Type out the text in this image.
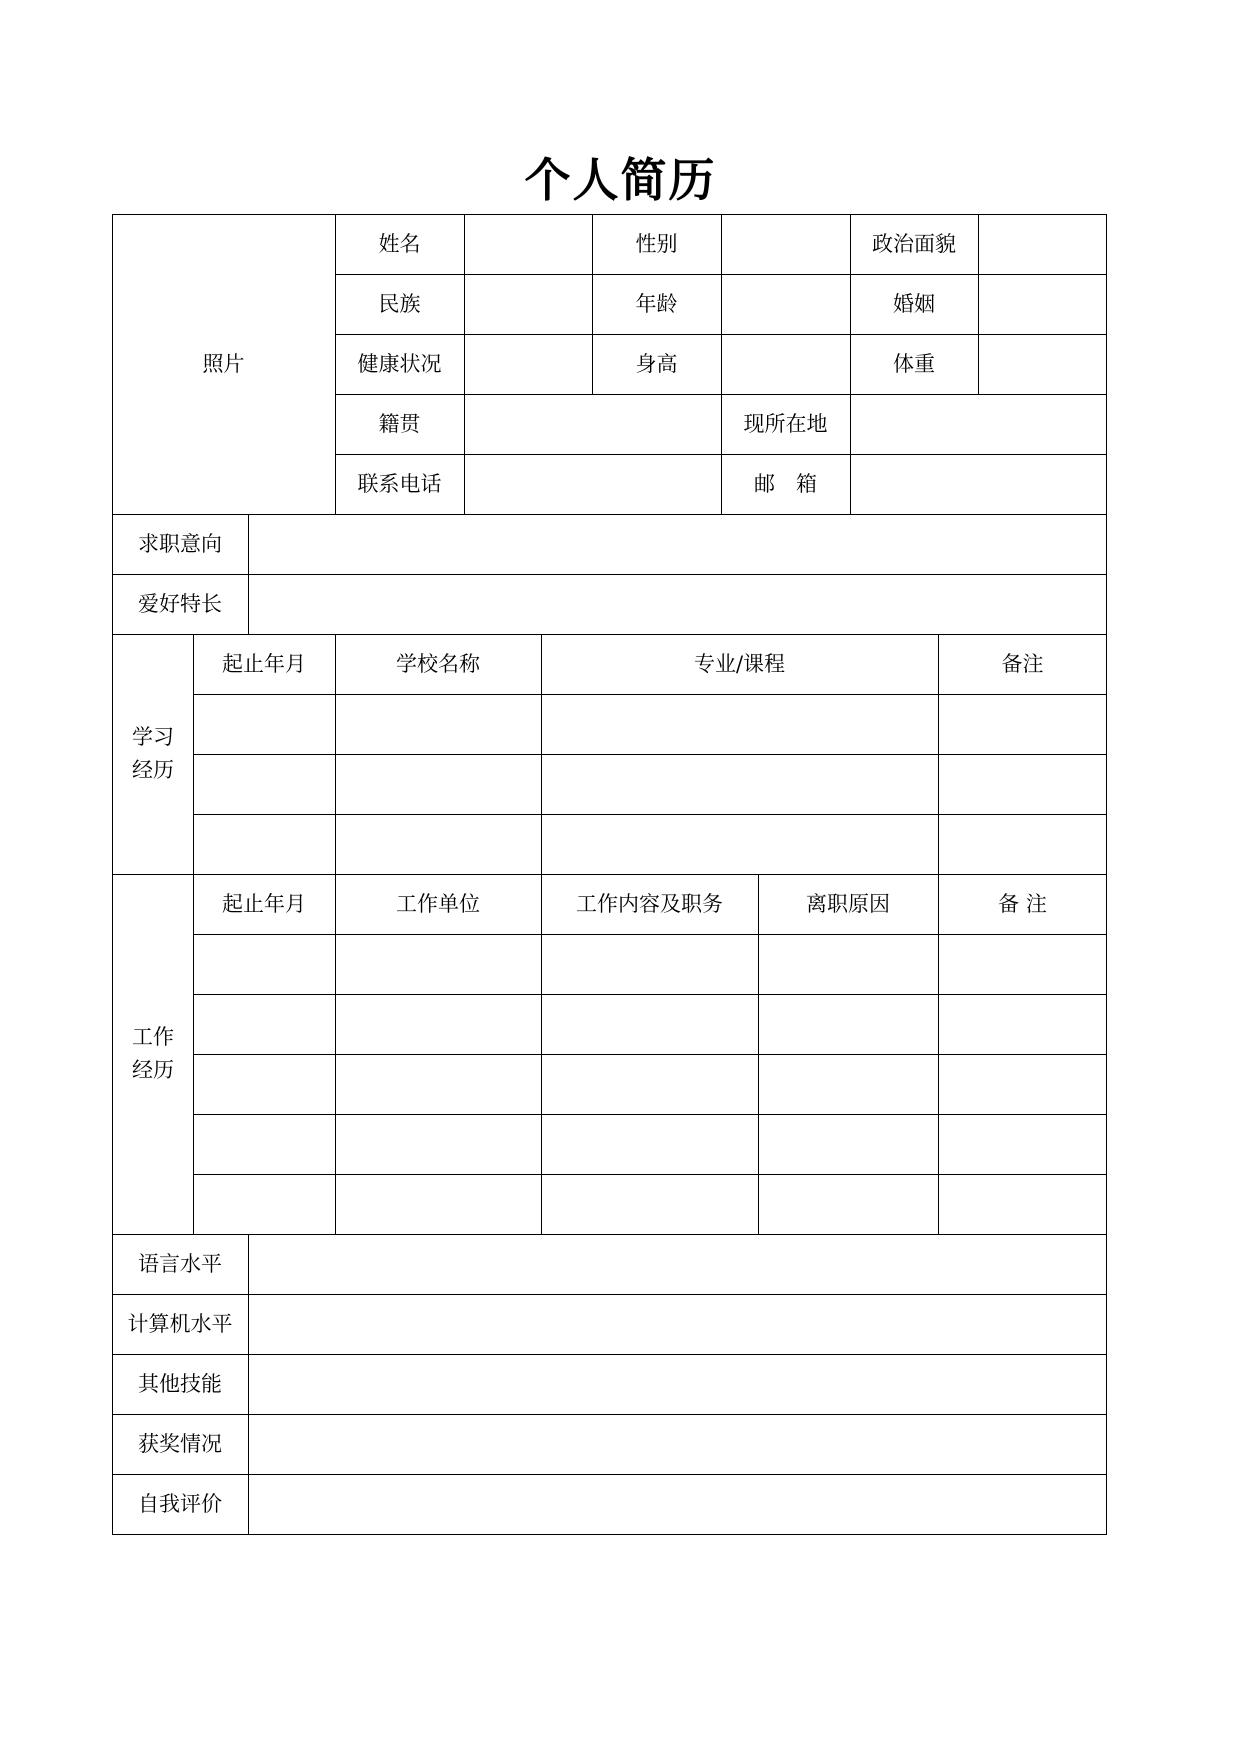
个人简历
照片
姓名	性别	政治面貌
民族	年龄	婚姻
健康状况	身高	体重
籍贯	现所在地
联系电话	邮　箱
求职意向
爱好特长
学习经历
起止年月	学校名称	专业/课程	备注
工作经历
起止年月	工作单位	工作内容及职务	离职原因	备 注
语言水平
计算机水平
其他技能
获奖情况
自我评价
